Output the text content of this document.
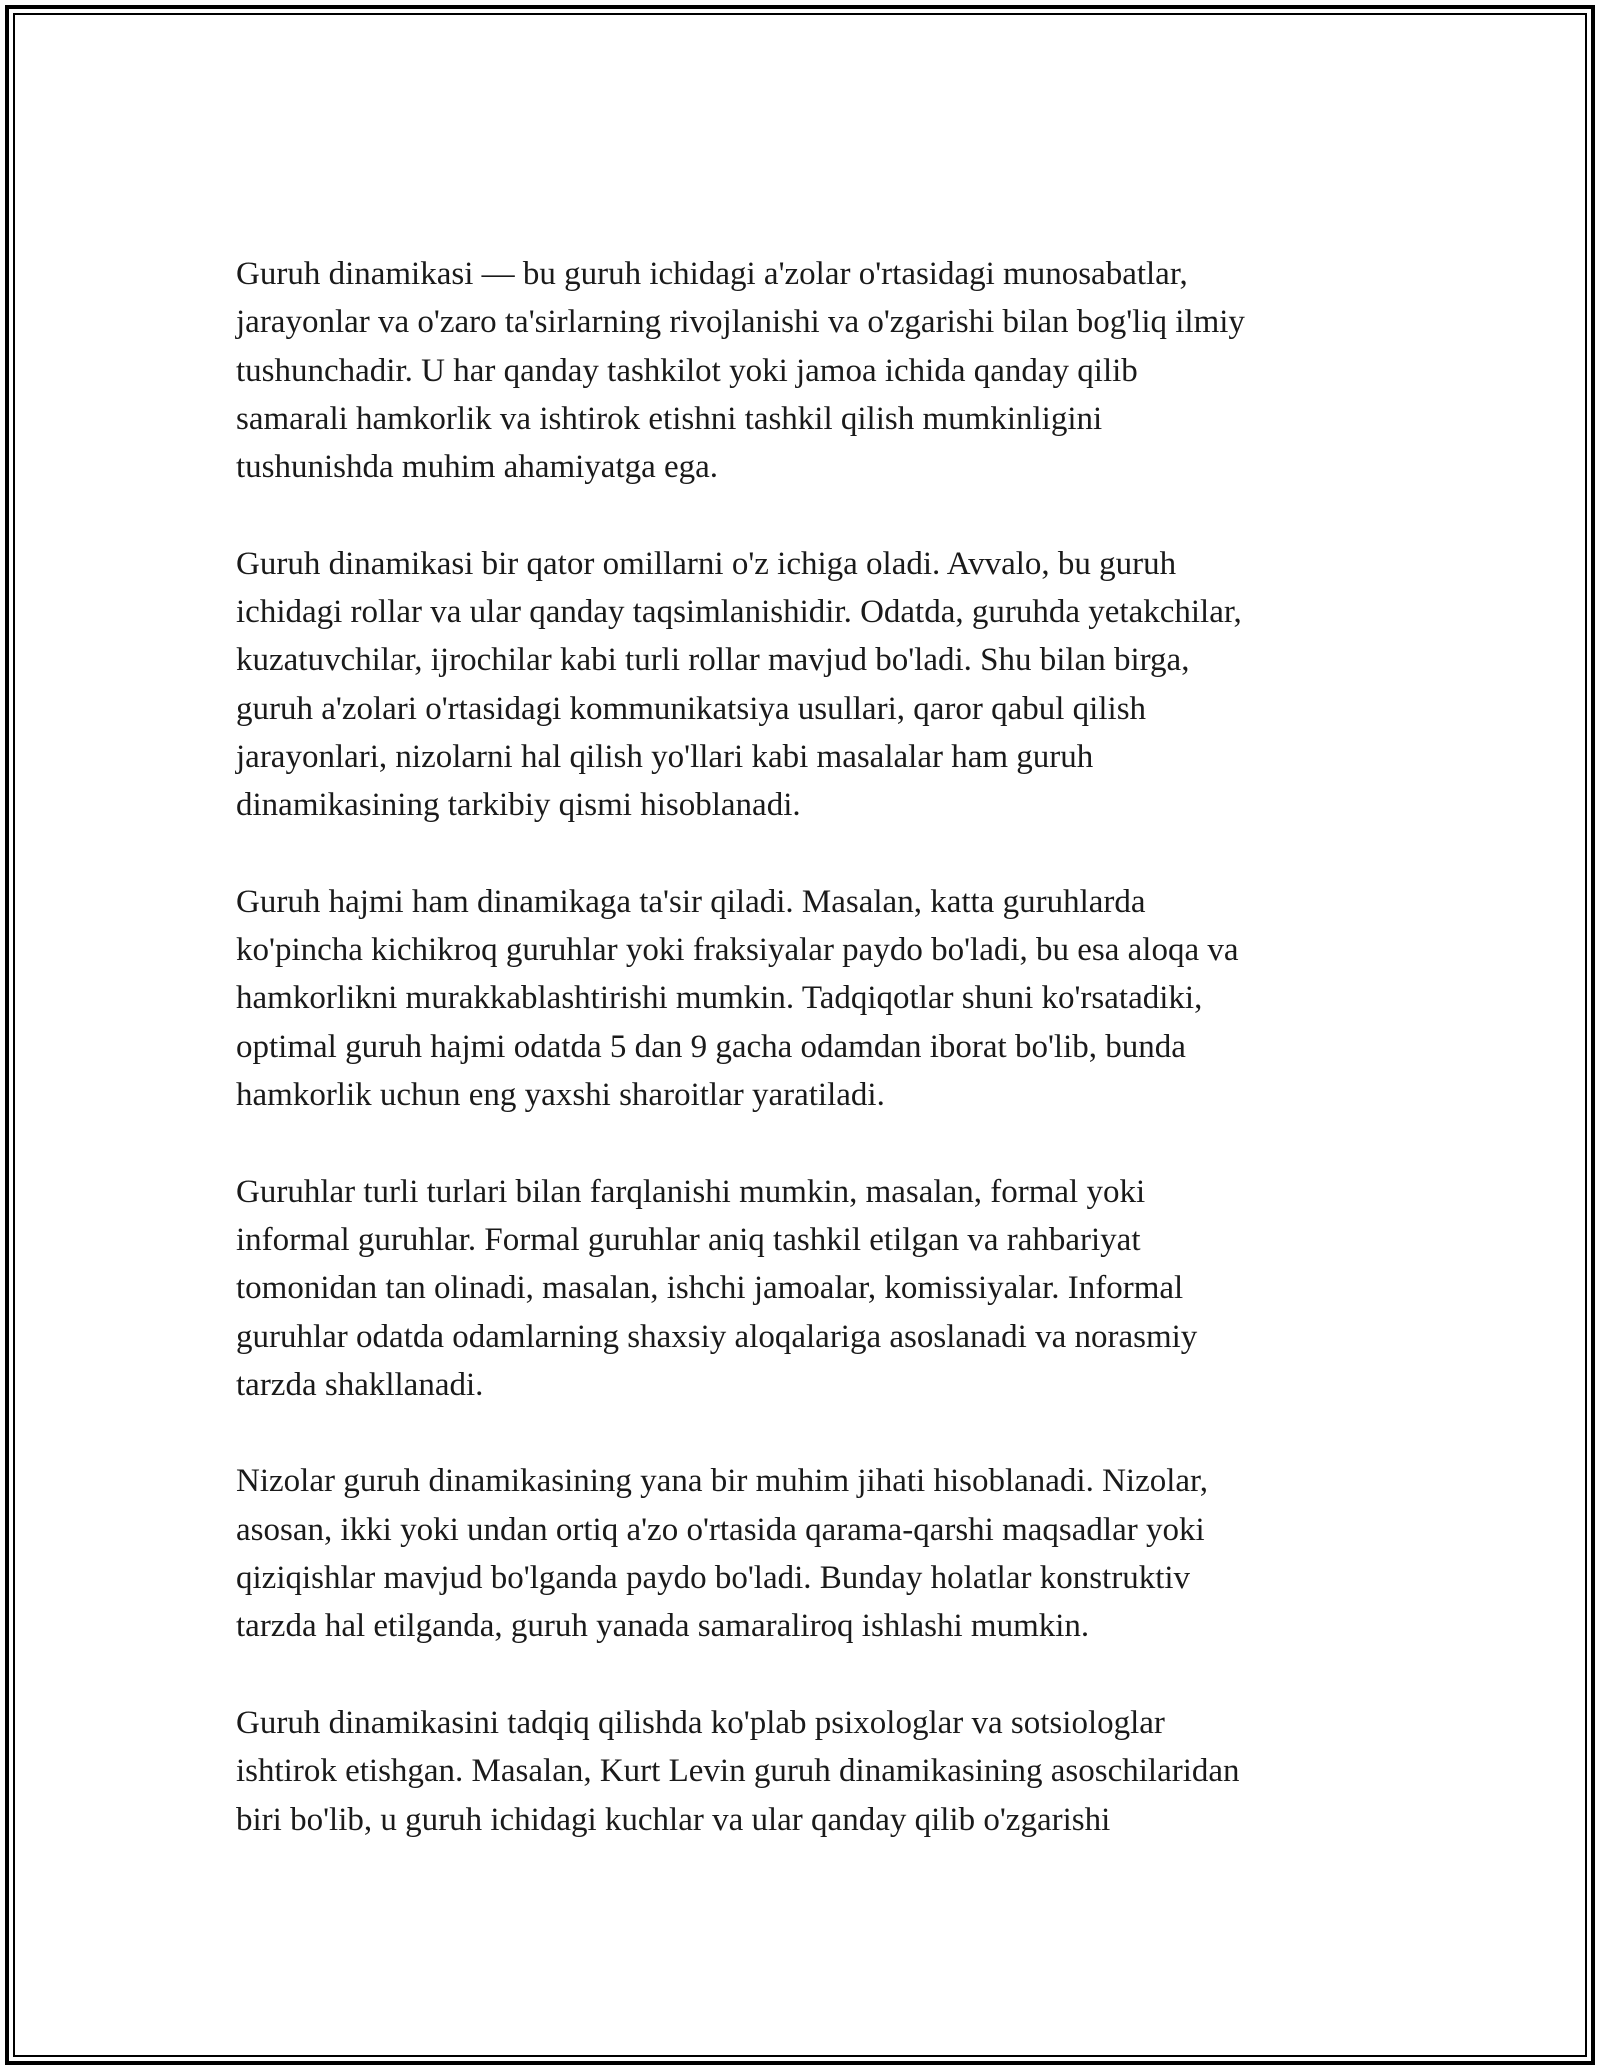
Guruh dinamikasi — bu guruh ichidagi a'zolar o'rtasidagi munosabatlar,
jarayonlar va o'zaro ta'sirlarning rivojlanishi va o'zgarishi bilan bog'liq ilmiy
tushunchadir. U har qanday tashkilot yoki jamoa ichida qanday qilib
samarali hamkorlik va ishtirok etishni tashkil qilish mumkinligini
tushunishda muhim ahamiyatga ega.

Guruh dinamikasi bir qator omillarni o'z ichiga oladi. Avvalo, bu guruh
ichidagi rollar va ular qanday taqsimlanishidir. Odatda, guruhda yetakchilar,
kuzatuvchilar, ijrochilar kabi turli rollar mavjud bo'ladi. Shu bilan birga,
guruh a'zolari o'rtasidagi kommunikatsiya usullari, qaror qabul qilish
jarayonlari, nizolarni hal qilish yo'llari kabi masalalar ham guruh
dinamikasining tarkibiy qismi hisoblanadi.

Guruh hajmi ham dinamikaga ta'sir qiladi. Masalan, katta guruhlarda
ko'pincha kichikroq guruhlar yoki fraksiyalar paydo bo'ladi, bu esa aloqa va
hamkorlikni murakkablashtirishi mumkin. Tadqiqotlar shuni ko'rsatadiki,
optimal guruh hajmi odatda 5 dan 9 gacha odamdan iborat bo'lib, bunda
hamkorlik uchun eng yaxshi sharoitlar yaratiladi.

Guruhlar turli turlari bilan farqlanishi mumkin, masalan, formal yoki
informal guruhlar. Formal guruhlar aniq tashkil etilgan va rahbariyat
tomonidan tan olinadi, masalan, ishchi jamoalar, komissiyalar. Informal
guruhlar odatda odamlarning shaxsiy aloqalariga asoslanadi va norasmiy
tarzda shakllanadi.

Nizolar guruh dinamikasining yana bir muhim jihati hisoblanadi. Nizolar,
asosan, ikki yoki undan ortiq a'zo o'rtasida qarama-qarshi maqsadlar yoki
qiziqishlar mavjud bo'lganda paydo bo'ladi. Bunday holatlar konstruktiv
tarzda hal etilganda, guruh yanada samaraliroq ishlashi mumkin.

Guruh dinamikasini tadqiq qilishda ko'plab psixologlar va sotsiologlar
ishtirok etishgan. Masalan, Kurt Levin guruh dinamikasining asoschilaridan
biri bo'lib, u guruh ichidagi kuchlar va ular qanday qilib o'zgarishi
